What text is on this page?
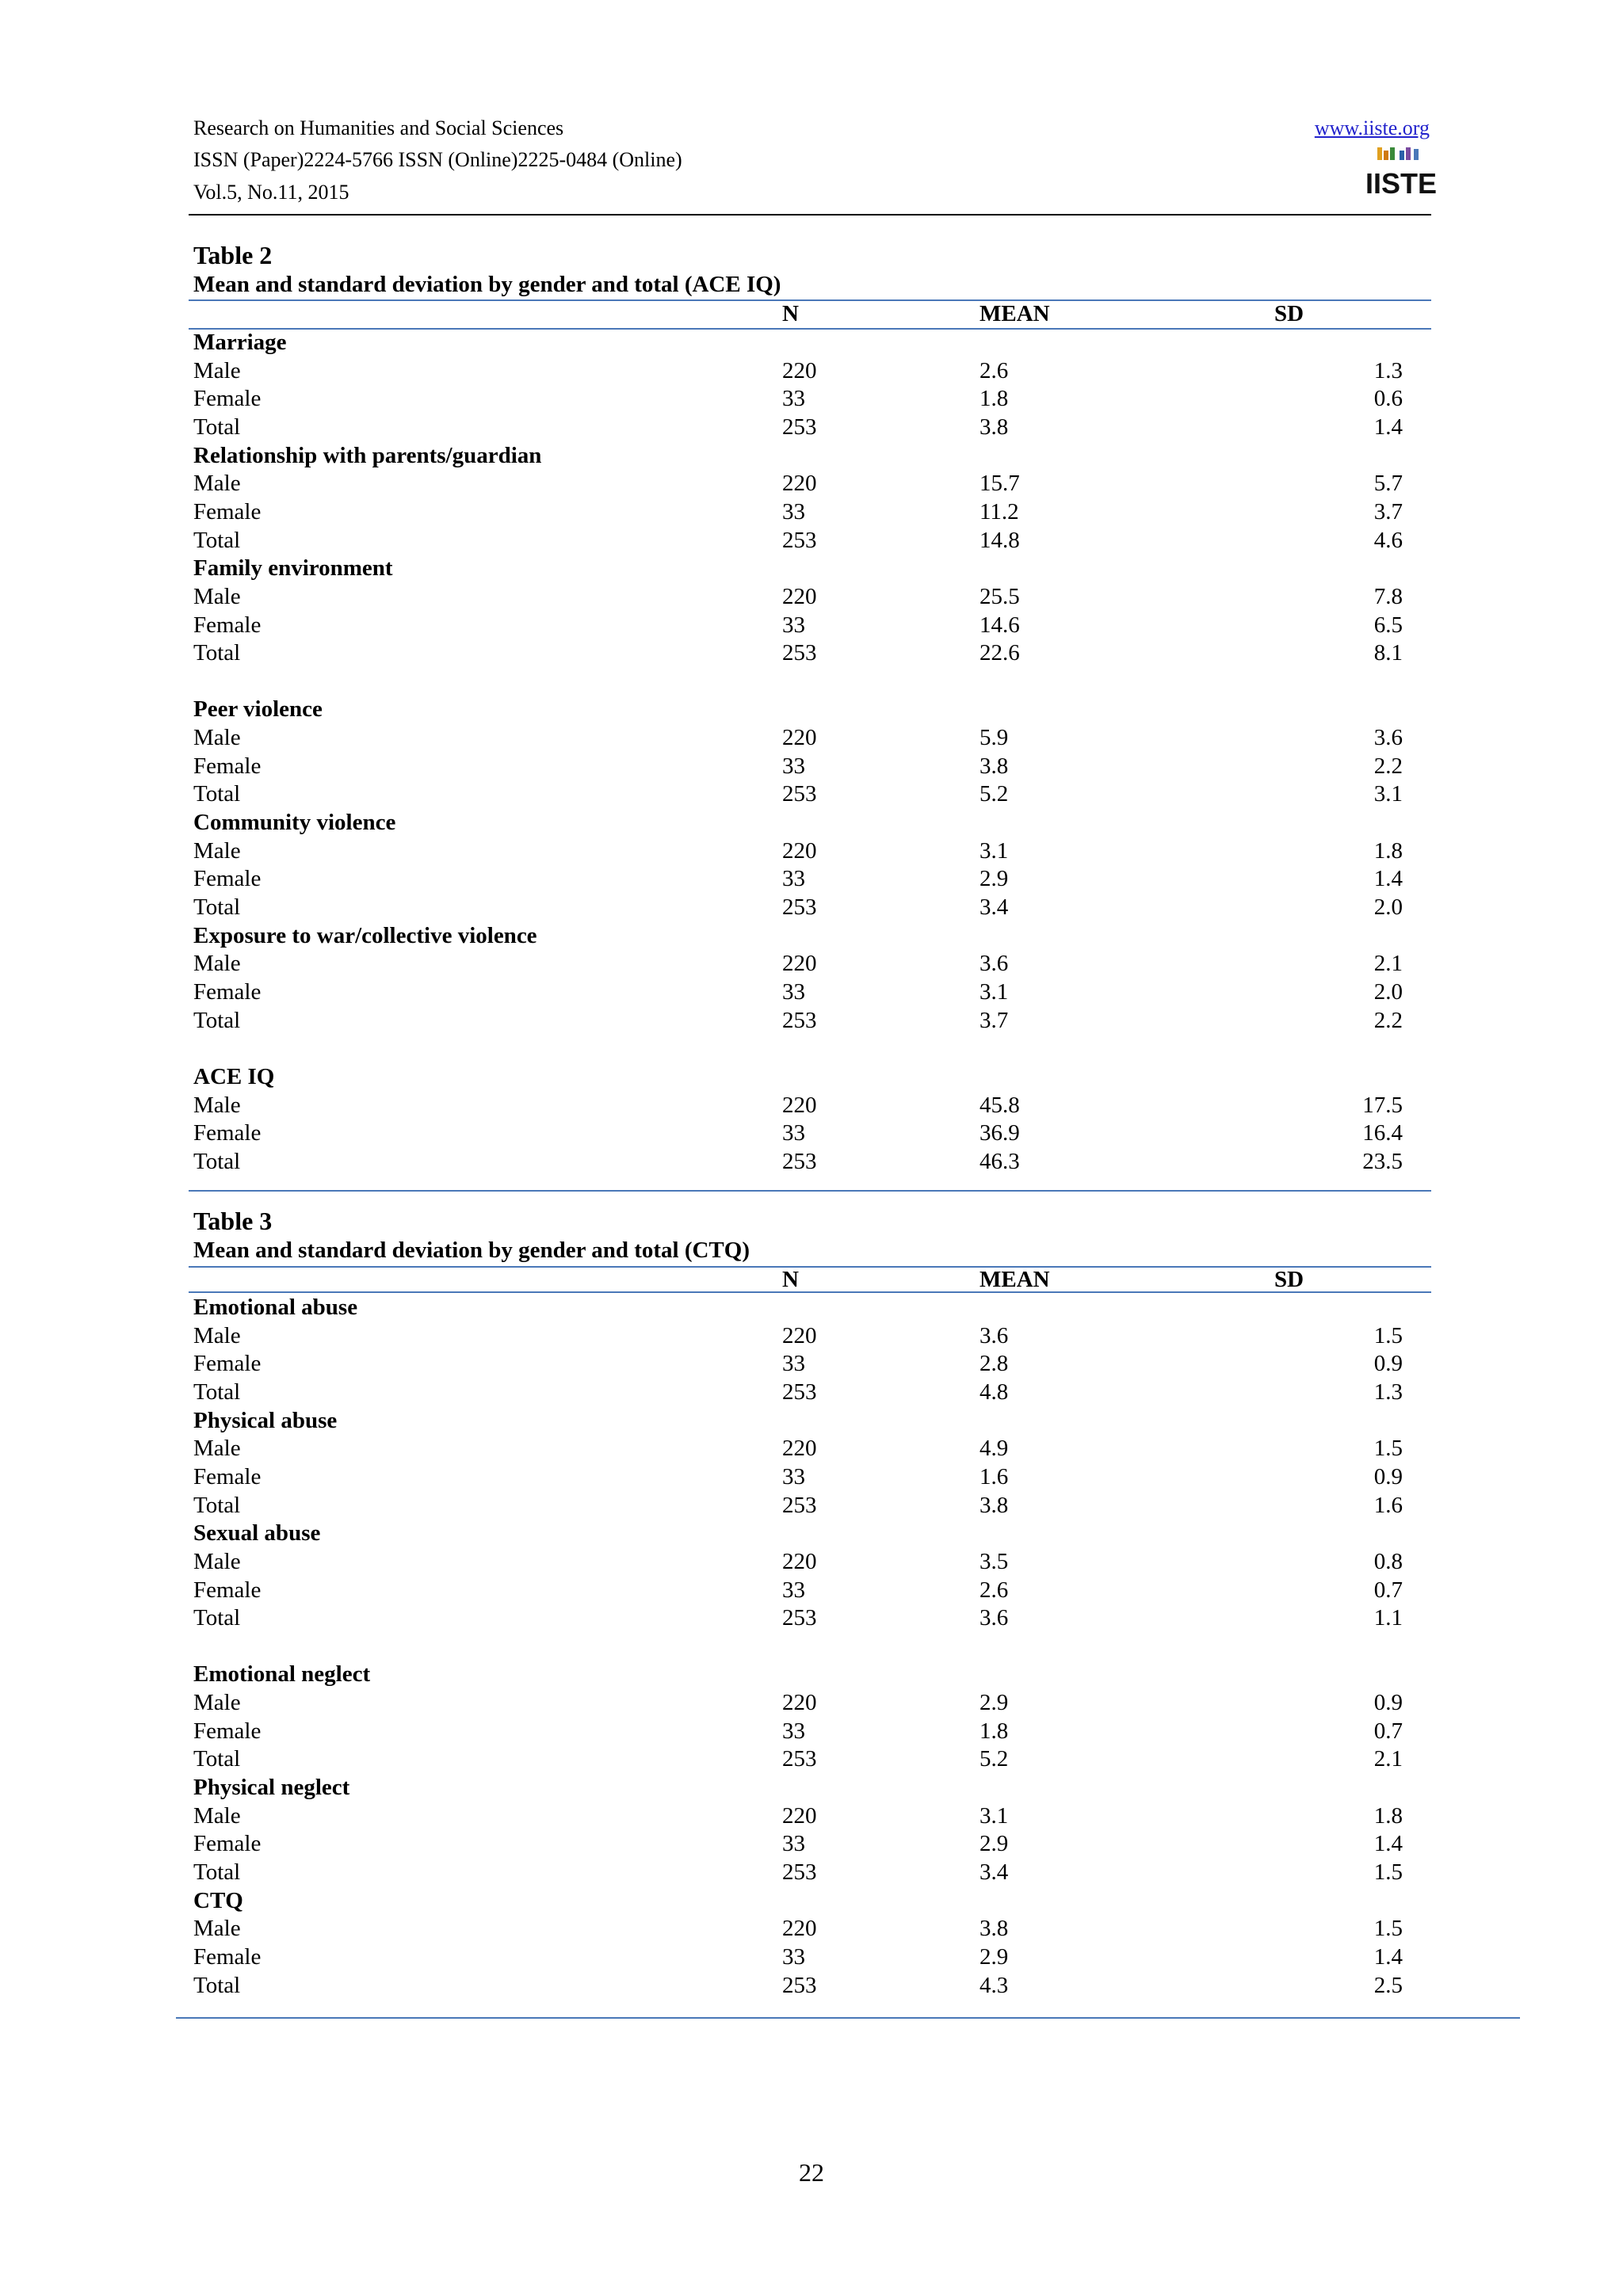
Research on Humanities and Social Sciences
ISSN (Paper)2224-5766 ISSN (Online)2225-0484 (Online)
Vol.5, No.11, 2015
www.iiste.org
IISTE
Table 2
Mean and standard deviation by gender and total (ACE IQ)
N	MEAN	SD
Marriage
Male	220	2.6	1.3
Female	33	1.8	0.6
Total	253	3.8	1.4
Relationship with parents/guardian
Male	220	15.7	5.7
Female	33	11.2	3.7
Total	253	14.8	4.6
Family environment
Male	220	25.5	7.8
Female	33	14.6	6.5
Total	253	22.6	8.1
Peer violence
Male	220	5.9	3.6
Female	33	3.8	2.2
Total	253	5.2	3.1
Community violence
Male	220	3.1	1.8
Female	33	2.9	1.4
Total	253	3.4	2.0
Exposure to war/collective violence
Male	220	3.6	2.1
Female	33	3.1	2.0
Total	253	3.7	2.2
ACE IQ
Male	220	45.8	17.5
Female	33	36.9	16.4
Total	253	46.3	23.5
Table 3
Mean and standard deviation by gender and total (CTQ)
N	MEAN	SD
Emotional abuse
Male	220	3.6	1.5
Female	33	2.8	0.9
Total	253	4.8	1.3
Physical abuse
Male	220	4.9	1.5
Female	33	1.6	0.9
Total	253	3.8	1.6
Sexual abuse
Male	220	3.5	0.8
Female	33	2.6	0.7
Total	253	3.6	1.1
Emotional neglect
Male	220	2.9	0.9
Female	33	1.8	0.7
Total	253	5.2	2.1
Physical neglect
Male	220	3.1	1.8
Female	33	2.9	1.4
Total	253	3.4	1.5
CTQ
Male	220	3.8	1.5
Female	33	2.9	1.4
Total	253	4.3	2.5
22
